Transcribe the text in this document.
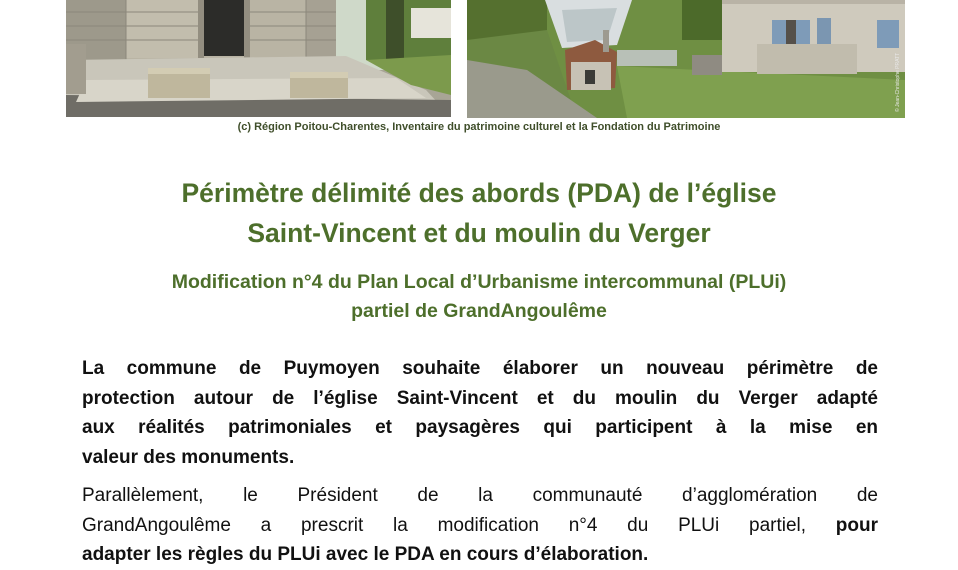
© Jean-Christophe PRATT
(c) Région Poitou-Charentes, Inventaire du patrimoine culturel et la Fondation du Patrimoine
Périmètre délimité des abords (PDA) de l’église
Saint-Vincent et du moulin du Verger
Modification n°4 du Plan Local d’Urbanisme intercommunal (PLUi)
partiel de GrandAngoulême
La commune de Puymoyen souhaite élaborer un nouveau périmètre de
protection autour de l’église Saint-Vincent et du moulin du Verger adapté
aux réalités patrimoniales et paysagères qui participent à la mise en
valeur des monuments.
Parallèlement, le Président de la communauté d’agglomération de
GrandAngoulême a prescrit la modification n°4 du PLUi partiel, pour
adapter les règles du PLUi avec le PDA en cours d’élaboration.
